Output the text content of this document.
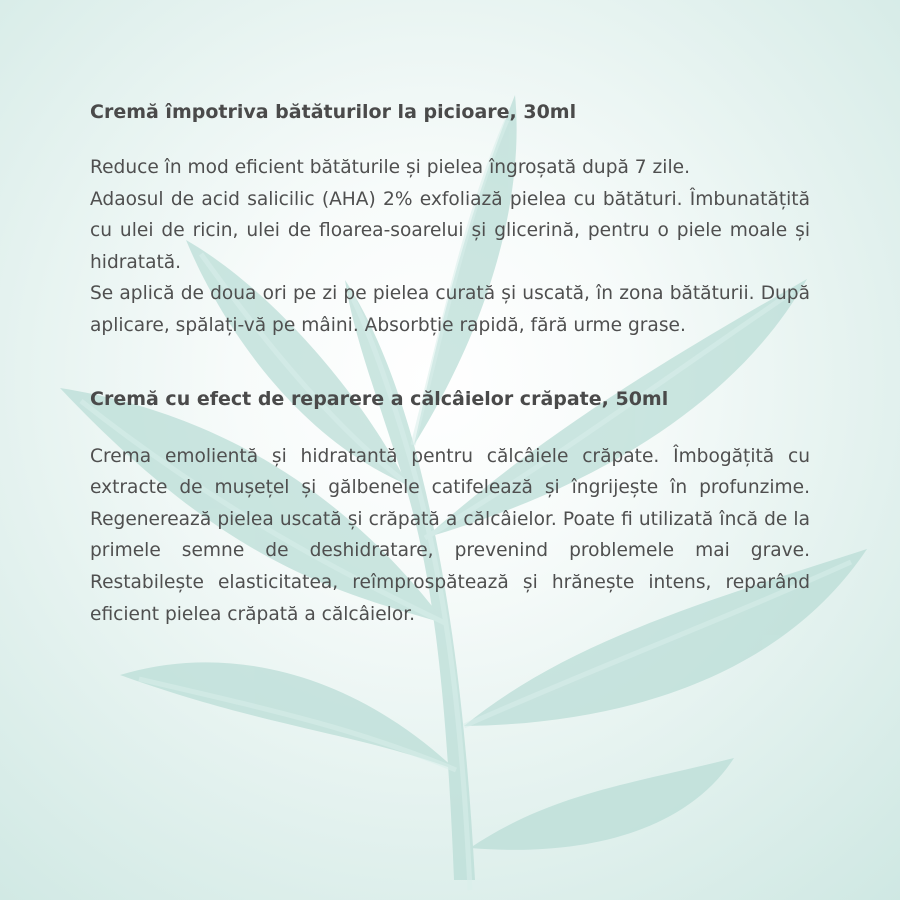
Cremă împotriva bătăturilor la picioare, 30ml

Reduce în mod eficient bătăturile și pielea îngroșată după 7 zile.

Adaosul de acid salicilic (AHA) 2% exfoliază pielea cu bătături. Îmbunatățită cu ulei de ricin, ulei de floarea-soarelui și glicerină, pentru o piele moale și hidratată.

Se aplică de doua ori pe zi pe pielea curată și uscată, în zona bătăturii. După aplicare, spălați-vă pe mâini. Absorbție rapidă, fără urme grase.

Cremă cu efect de reparere a călcâielor crăpate, 50ml

Crema emolientă și hidratantă pentru călcâiele crăpate. Îmbogățită cu extracte de mușețel și gălbenele catifelează și îngrijește în profunzime. Regenerează pielea uscată și crăpată a călcâielor. Poate fi utilizată încă de la primele semne de deshidratare, prevenind problemele mai grave. Restabilește elasticitatea, reîmprospătează și hrănește intens, reparând eficient pielea crăpată a călcâielor.
